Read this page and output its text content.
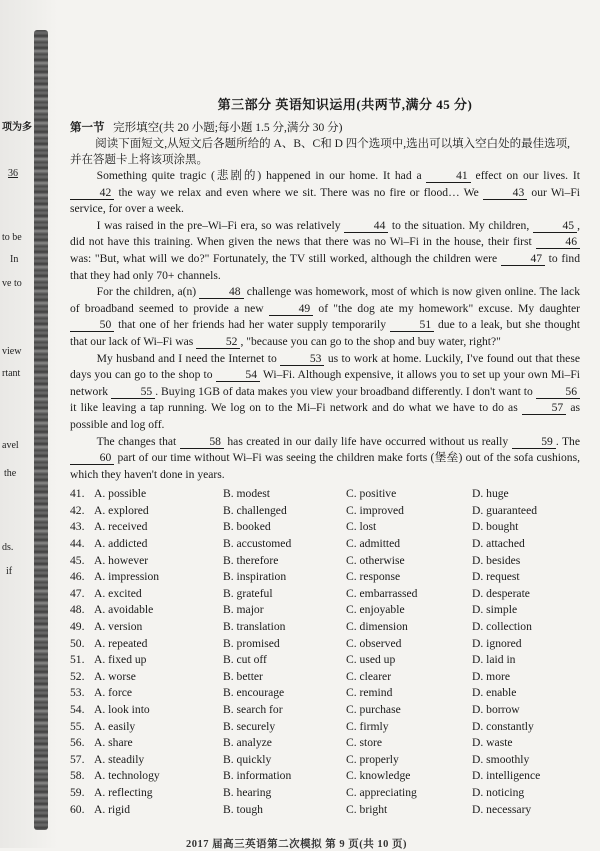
项为多
36
to be
In
ve to
view
rtant
avel
the
ds.
if
第三部分 英语知识运用(共两节,满分 45 分)
第一节 完形填空(共 20 小题;每小题 1.5 分,满分 30 分)
阅读下面短文,从短文后各题所给的 A、B、C和 D 四个选项中,选出可以填入空白处的最佳选项,并在答题卡上将该项涂黑。

Something quite tragic (悲剧的) happened in our home. It had a	41 effect on our lives. It 42 the way we relax and even where we sit. There was no fire or flood… We	43 our Wi–Fi service, for over a week.

I was raised in the pre–Wi–Fi era, so was relatively	44 to the situation. My children,	45 , did not have this training. When given the news that there was no Wi–Fi in the house, their first	46 was: "But, what will we do?" Fortunately, the TV still worked, although the children were	47 to find that they had only 70+ channels.

For the children, a(n)	48 challenge was homework, most of which is now given online. The lack of broadband seemed to provide a new	49 of "the dog ate my homework" excuse. My daughter 50 that one of her friends had her water supply temporarily	51 due to a leak, but she thought that our lack of Wi–Fi was	52 , "because you can go to the shop and buy water, right?"

My husband and I need the Internet to	53 us to work at home. Luckily, I've found out that these days you can go to the shop to	54 Wi–Fi. Although expensive, it allows you to set up your own Mi–Fi network	55 . Buying 1GB of data makes you view your broadband differently. I don't want to	56 it like leaving a tap running. We log on to the Mi–Fi network and do what we have to do as	57 as possible and log off.

The changes that	58 has created in our daily life have occurred without us really	59 . The 60 part of our time without Wi–Fi was seeing the children make forts (堡垒) out of the sofa cushions, which they haven't done in years.

41. A. possible	B. modest	C. positive	D. huge
42. A. explored	B. challenged	C. improved	D. guaranteed
43. A. received	B. booked	C. lost	D. bought
44. A. addicted	B. accustomed	C. admitted	D. attached
45. A. however	B. therefore	C. otherwise	D. besides
46. A. impression	B. inspiration	C. response	D. request
47. A. excited	B. grateful	C. embarrassed	D. desperate
48. A. avoidable	B. major	C. enjoyable	D. simple
49. A. version	B. translation	C. dimension	D. collection
50. A. repeated	B. promised	C. observed	D. ignored
51. A. fixed up	B. cut off	C. used up	D. laid in
52. A. worse	B. better	C. clearer	D. more
53. A. force	B. encourage	C. remind	D. enable
54. A. look into	B. search for	C. purchase	D. borrow
55. A. easily	B. securely	C. firmly	D. constantly
56. A. share	B. analyze	C. store	D. waste
57. A. steadily	B. quickly	C. properly	D. smoothly
58. A. technology	B. information	C. knowledge	D. intelligence
59. A. reflecting	B. hearing	C. appreciating	D. noticing
60. A. rigid	B. tough	C. bright	D. necessary
2017 届高三英语第二次模拟 第 9 页(共 10 页)
